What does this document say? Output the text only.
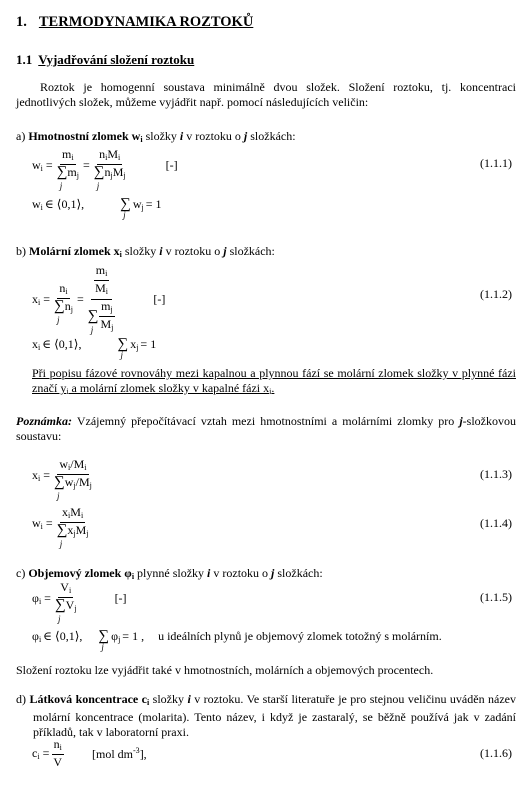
1. TERMODYNAMIKA ROZTOKŮ
1.1 Vyjadřování složení roztoku
Roztok je homogenní soustava minimálně dvou složek. Složení roztoku, tj. koncentraci jednotlivých složek, můžeme vyjádřit např. pomocí následujících veličin:
a) Hmotnostní zlomek $w_i$ složky i v roztoku o j složkách:
$w_i = m_i$
∑
j
$m_j = n_iM_i$
∑
j
$n_jM_j$	[-]	(1.1.1)
$w_i$ ∈ ⟨0,1⟩, ∑
j
$w_j = 1$
b) Molární zlomek $x_i$ složky i v roztoku o j složkách:
$x_i = n_i$
∑
j
$n_j = \frac{m_i}{M_i}$
∑
j $\frac{m_j}{M_j}$	[-]	(1.1.2)
$x_i$ ∈ ⟨0,1⟩, ∑
j
$x_j = 1$
Při popisu fázové rovnováhy mezi kapalnou a plynnou fází se molární zlomek složky v plynné fázi značí $y_i$ a molární zlomek složky v kapalné fázi $x_i$.
Poznámka: Vzájemný přepočítávací vztah mezi hmotnostními a molárními zlomky pro j-složkovou soustavu:
$x_i = w_i/M_i$
∑
j
$w_j/M_j$	(1.1.3)
$w_i = x_iM_i$
∑
j
$x_jM_j$	(1.1.4)
c) Objemový zlomek $\varphi_i$ plynné složky i v roztoku o j složkách:
$\varphi_i = V_i$
∑
j
$V_j$	[-]	(1.1.5)
$\varphi_i$ ∈ ⟨0,1⟩, ∑
j
$\varphi_j = 1$ , u ideálních plynů je objemový zlomek totožný s molárním.
Složení roztoku lze vyjádřit také v hmotnostních, molárních a objemových procentech.
d) Látková koncentrace $c_i$ složky i v roztoku. Ve starší literatuře je pro stejnou veličinu uváděn název molární koncentrace (molarita). Tento název, i když je zastaralý, se běžně používá jak v zadání příkladů, tak v laboratorní praxi.
$c_i = \frac{n_i}{V} [mol$ $dm^{-3}$],	(1.1.6)
